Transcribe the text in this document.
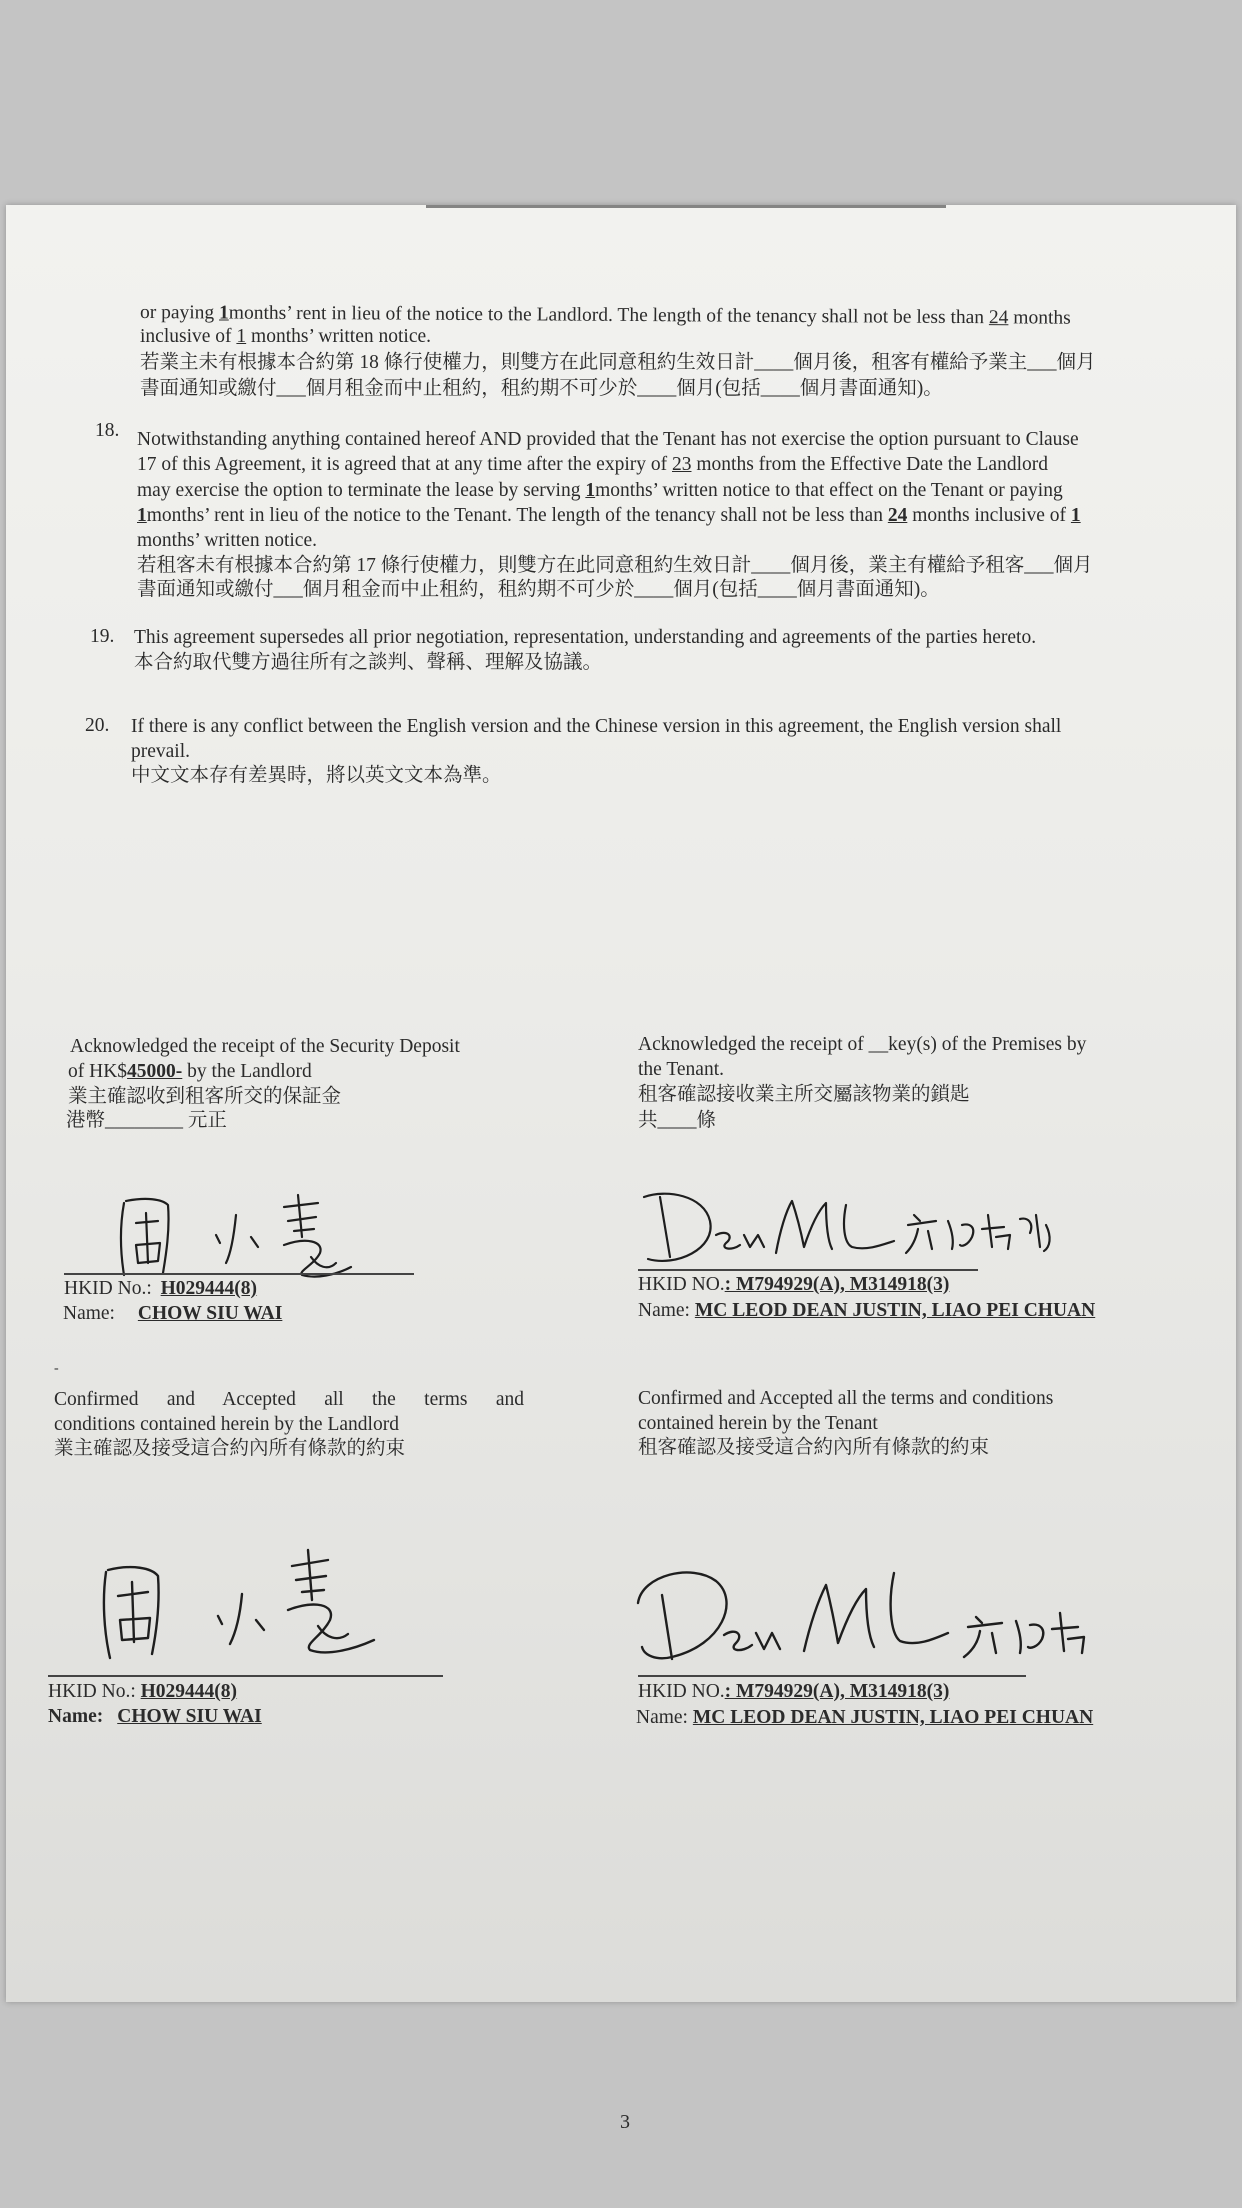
or paying 1months’ rent in lieu of the notice to the Landlord. The length of the tenancy shall not be less than 24 months
inclusive of 1 months’ written notice.
若業主未有根據本合約第 18 條行使權力，則雙方在此同意租約生效日計____個月後，租客有權給予業主___個月
書面通知或繳付___個月租金而中止租約，租約期不可少於____個月(包括____個月書面通知)。
18. Notwithstanding anything contained hereof AND provided that the Tenant has not exercise the option pursuant to Clause
17 of this Agreement, it is agreed that at any time after the expiry of 23 months from the Effective Date the Landlord
may exercise the option to terminate the lease by serving 1months’ written notice to that effect on the Tenant or paying
1months’ rent in lieu of the notice to the Tenant. The length of the tenancy shall not be less than 24 months inclusive of 1
months’ written notice.
若租客未有根據本合約第 17 條行使權力，則雙方在此同意租約生效日計____個月後，業主有權給予租客___個月
書面通知或繳付___個月租金而中止租約，租約期不可少於____個月(包括____個月書面通知)。
19. This agreement supersedes all prior negotiation, representation, understanding and agreements of the parties hereto.
本合約取代雙方過往所有之談判、聲稱、理解及協議。
20. If there is any conflict between the English version and the Chinese version in this agreement, the English version shall
prevail.
中文文本存有差異時，將以英文文本為準。
Acknowledged the receipt of the Security Deposit
of HK$45000- by the Landlord
業主確認收到租客所交的保証金
港幣________ 元正
Acknowledged the receipt of __key(s) of the Premises by
the Tenant.
租客確認接收業主所交屬該物業的鎖匙
共____條
HKID No.: H029444(8)
Name: CHOW SIU WAI
HKID NO.: M794929(A), M314918(3)
Name: MC LEOD DEAN JUSTIN, LIAO PEI CHUAN
-
Confirmed and Accepted all the terms and
conditions contained herein by the Landlord
業主確認及接受這合約內所有條款的約束
HKID No.: H029444(8)
Name: CHOW SIU WAI
Confirmed and Accepted all the terms and conditions
contained herein by the Tenant
租客確認及接受這合約內所有條款的約束
HKID NO.: M794929(A), M314918(3)
Name: MC LEOD DEAN JUSTIN, LIAO PEI CHUAN
3
